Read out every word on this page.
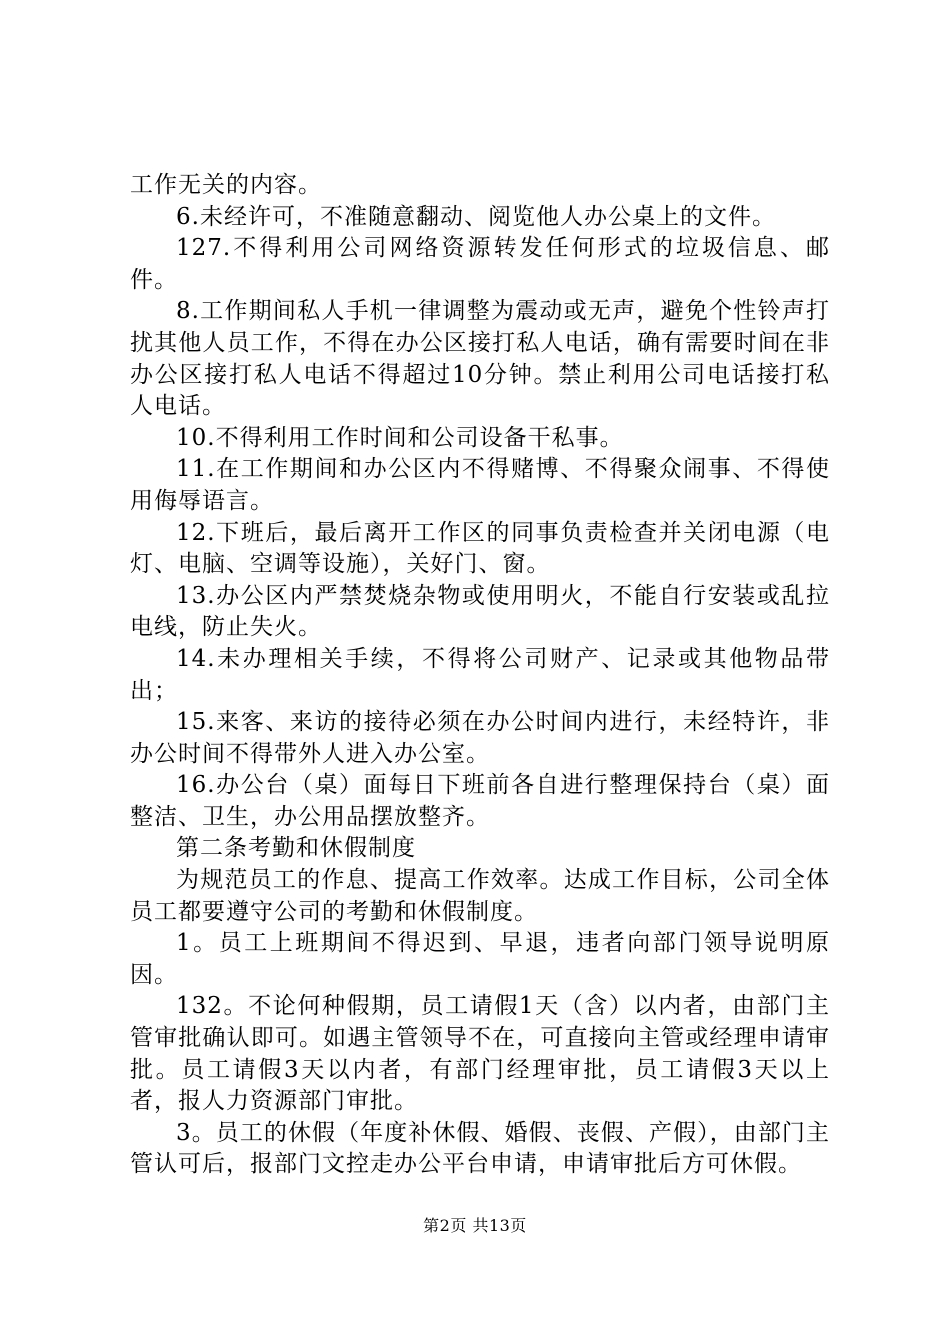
工作无关的内容。

6.未经许可，不准随意翻动、阅览他人办公桌上的文件。

127.不得利用公司网络资源转发任何形式的垃圾信息、邮件。

8.工作期间私人手机一律调整为震动或无声，避免个性铃声打扰其他人员工作，不得在办公区接打私人电话，确有需要时间在非办公区接打私人电话不得超过10分钟。禁止利用公司电话接打私人电话。

10.不得利用工作时间和公司设备干私事。

11.在工作期间和办公区内不得赌博、不得聚众闹事、不得使用侮辱语言。

12.下班后，最后离开工作区的同事负责检查并关闭电源（电灯、电脑、空调等设施），关好门、窗。

13.办公区内严禁焚烧杂物或使用明火，不能自行安装或乱拉电线，防止失火。

14.未办理相关手续，不得将公司财产、记录或其他物品带出；

15.来客、来访的接待必须在办公时间内进行，未经特许，非办公时间不得带外人进入办公室。

16.办公台（桌）面每日下班前各自进行整理保持台（桌）面整洁、卫生，办公用品摆放整齐。

第二条考勤和休假制度

为规范员工的作息、提高工作效率。达成工作目标，公司全体员工都要遵守公司的考勤和休假制度。

1。员工上班期间不得迟到、早退，违者向部门领导说明原因。

132。不论何种假期，员工请假1天（含）以内者，由部门主管审批确认即可。如遇主管领导不在，可直接向主管或经理申请审批。员工请假3天以内者，有部门经理审批，员工请假3天以上者，报人力资源部门审批。

3。员工的休假（年度补休假、婚假、丧假、产假），由部门主管认可后，报部门文控走办公平台申请，申请审批后方可休假。

第2页 共13页
